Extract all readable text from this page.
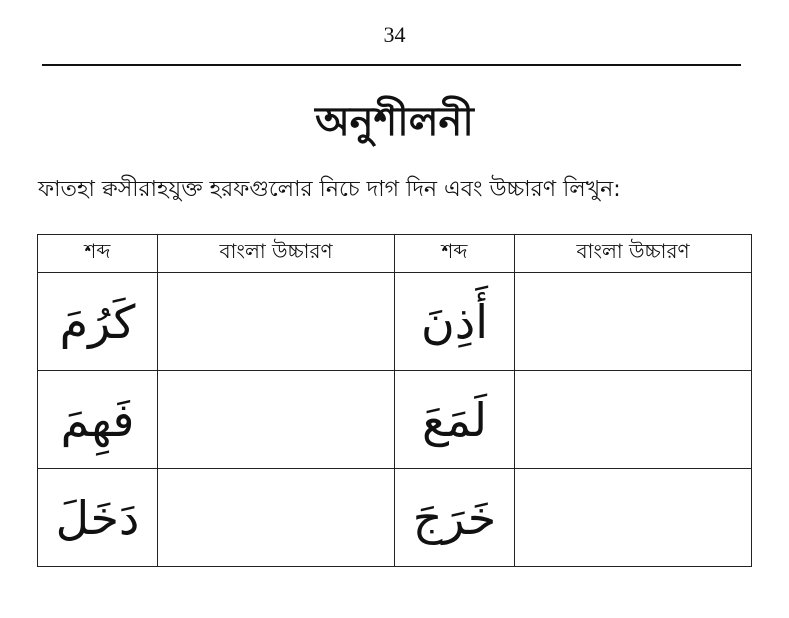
34
অনুশীলনী
ফাতহা ক্বসীরাহযুক্ত হরফগুলোর নিচে দাগ দিন এবং উচ্চারণ লিখুন:
শব্দ	বাংলা উচ্চারণ	শব্দ	বাংলা উচ্চারণ
كَرُمَ		أَذِنَ	
فَهِمَ		لَمَعَ	
دَخَلَ		خَرَجَ	
